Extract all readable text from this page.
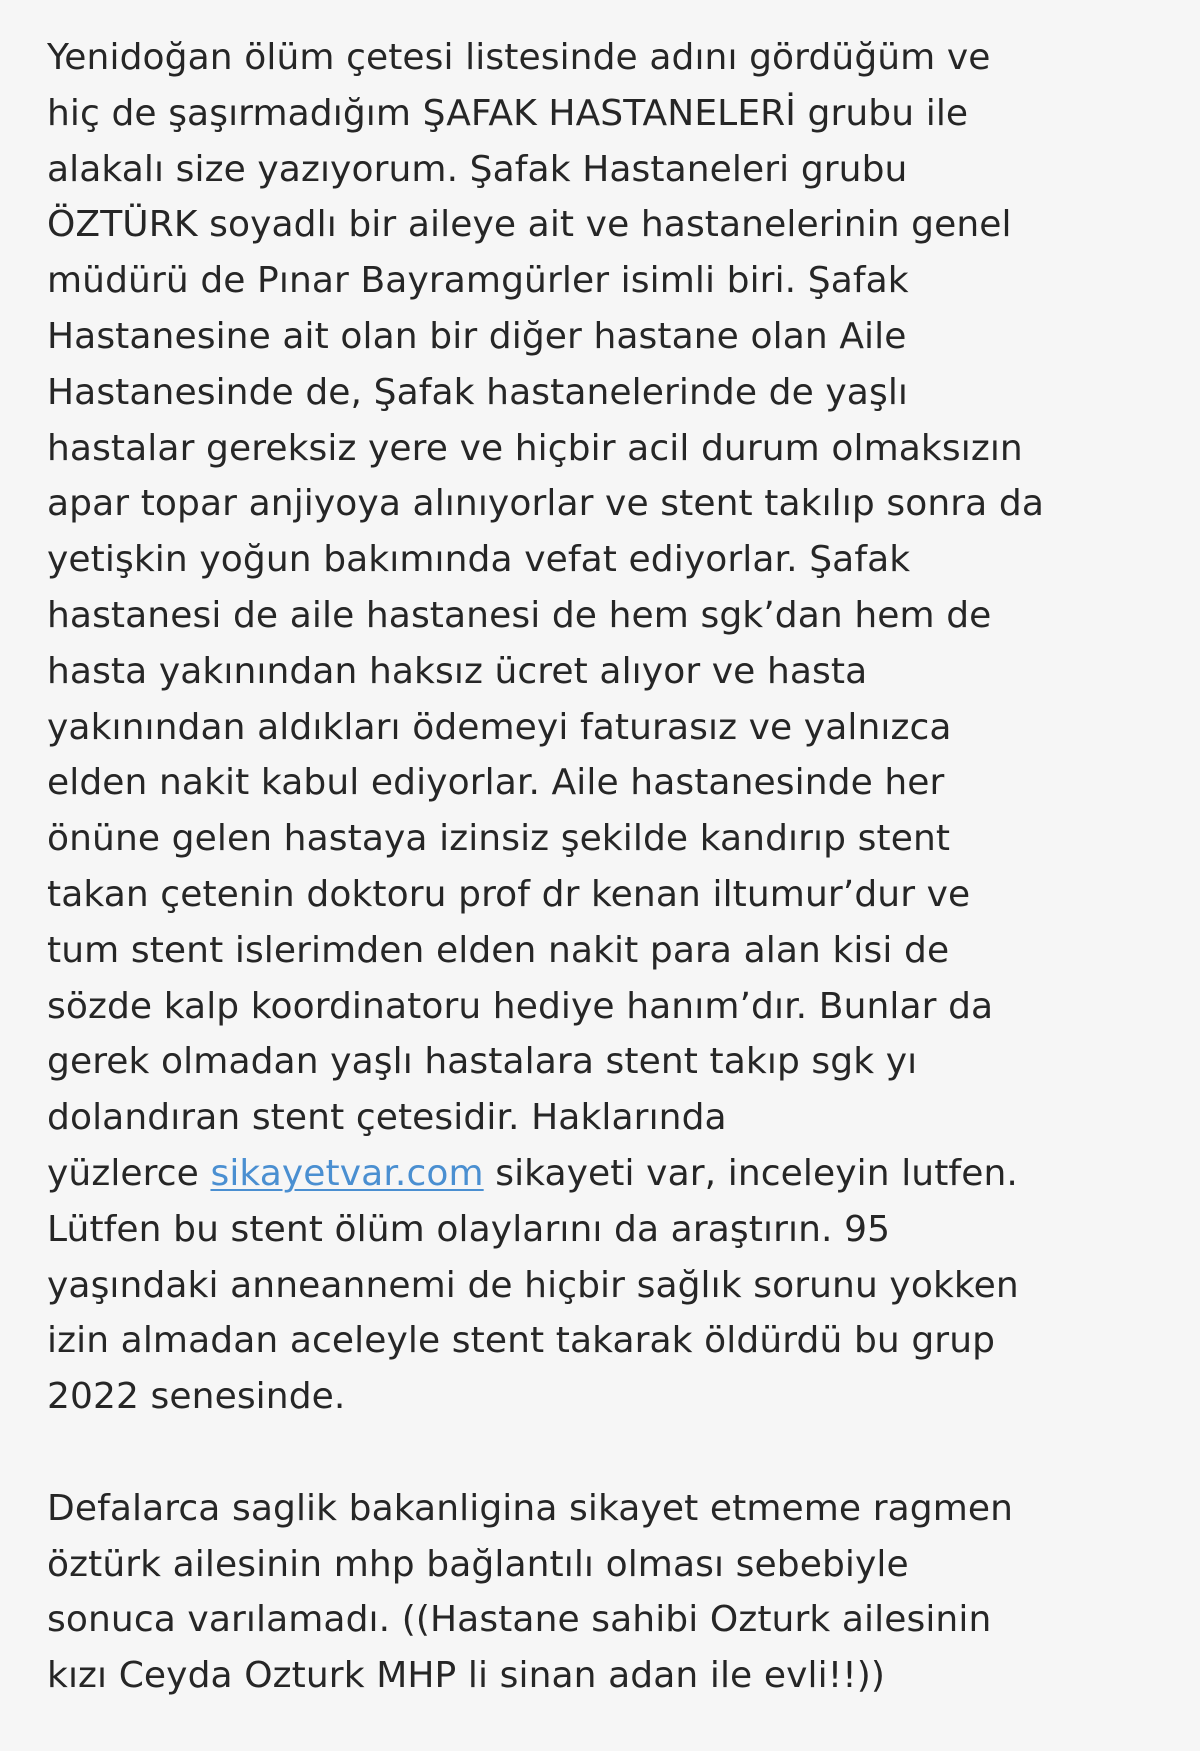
Yenidoğan ölüm çetesi listesinde adını gördüğüm ve
hiç de şaşırmadığım ŞAFAK HASTANELERİ grubu ile
alakalı size yazıyorum. Şafak Hastaneleri grubu
ÖZTÜRK soyadlı bir aileye ait ve hastanelerinin genel
müdürü de Pınar Bayramgürler isimli biri. Şafak
Hastanesine ait olan bir diğer hastane olan Aile
Hastanesinde de, Şafak hastanelerinde de yaşlı
hastalar gereksiz yere ve hiçbir acil durum olmaksızın
apar topar anjiyoya alınıyorlar ve stent takılıp sonra da
yetişkin yoğun bakımında vefat ediyorlar. Şafak
hastanesi de aile hastanesi de hem sgk’dan hem de
hasta yakınından haksız ücret alıyor ve hasta
yakınından aldıkları ödemeyi faturasız ve yalnızca
elden nakit kabul ediyorlar. Aile hastanesinde her
önüne gelen hastaya izinsiz şekilde kandırıp stent
takan çetenin doktoru prof dr kenan iltumur’dur ve
tum stent islerimden elden nakit para alan kisi de
sözde kalp koordinatoru hediye hanım’dır. Bunlar da
gerek olmadan yaşlı hastalara stent takıp sgk yı
dolandıran stent çetesidir. Haklarında
yüzlerce sikayetvar.com sikayeti var, inceleyin lutfen.
Lütfen bu stent ölüm olaylarını da araştırın. 95
yaşındaki anneannemi de hiçbir sağlık sorunu yokken
izin almadan aceleyle stent takarak öldürdü bu grup
2022 senesinde.
Defalarca saglik bakanligina sikayet etmeme ragmen
öztürk ailesinin mhp bağlantılı olması sebebiyle
sonuca varılamadı. ((Hastane sahibi Ozturk ailesinin
kızı Ceyda Ozturk MHP li sinan adan ile evli!!))
